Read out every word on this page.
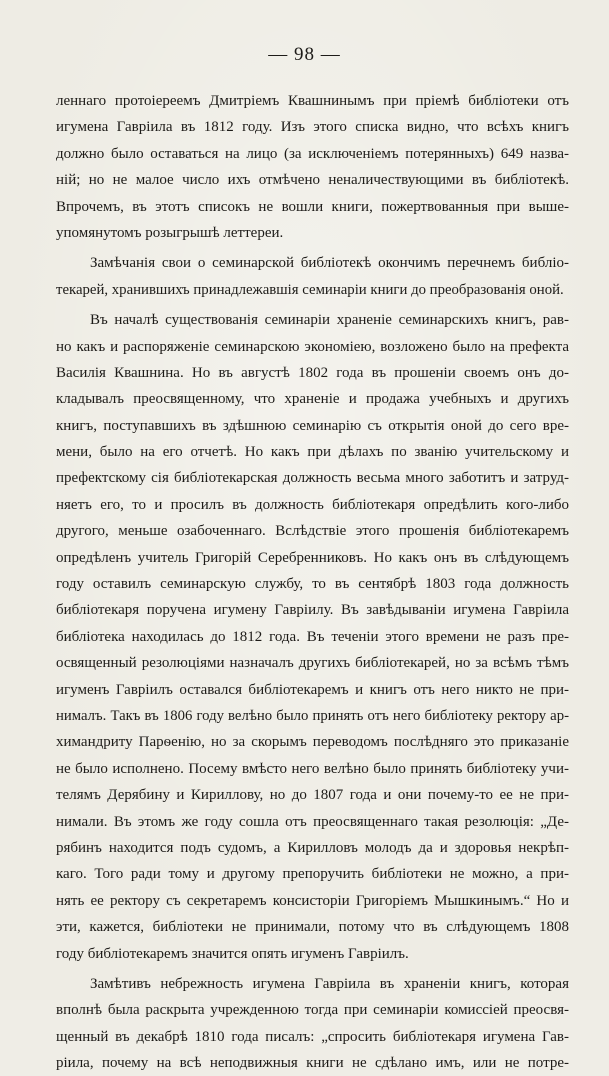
— 98 —
леннаго протоіереемъ Дмитріемъ Квашнинымъ при пріемѣ библіотеки отъ
игумена Гавріила въ 1812 году. Изъ этого списка видно, что всѣхъ книгъ
должно было оставаться на лицо (за исключеніемъ потерянныхъ) 649 назва-
ній; но не малое число ихъ отмѣчено неналичествующими въ библіотекѣ.
Впрочемъ, въ этотъ списокъ не вошли книги, пожертвованныя при выше-
упомянутомъ розыгрышѣ леттереи.
Замѣчанія свои о семинарской библіотекѣ окончимъ перечнемъ библіо-
текарей, хранившихъ принадлежавшія семинаріи книги до преобразованія оной.
Въ началѣ существованія семинаріи храненіе семинарскихъ книгъ, рав-
но какъ и распоряженіе семинарскою экономіею, возложено было на префекта
Василія Квашнина. Но въ августѣ 1802 года въ прошеніи своемъ онъ до-
кладывалъ преосвященному, что храненіе и продажа учебныхъ и другихъ
книгъ, поступавшихъ въ здѣшнюю семинарію съ открытія оной до сего вре-
мени, было на его отчетѣ. Но какъ при дѣлахъ по званію учительскому и
префектскому сія библіотекарская должность весьма много заботитъ и затруд-
няетъ его, то и просилъ въ должность библіотекаря опредѣлить кого-либо
другого, меньше озабоченнаго. Вслѣдствіе этого прошенія библіотекаремъ
опредѣленъ учитель Григорій Серебренниковъ. Но какъ онъ въ слѣдующемъ
году оставилъ семинарскую службу, то въ сентябрѣ 1803 года должность
библіотекаря поручена игумену Гавріилу. Въ завѣдываніи игумена Гавріила
библіотека находилась до 1812 года. Въ теченіи этого времени не разъ пре-
освященный резолюціями назначалъ другихъ библіотекарей, но за всѣмъ тѣмъ
игуменъ Гавріилъ оставался библіотекаремъ и книгъ отъ него никто не при-
нималъ. Такъ въ 1806 году велѣно было принять отъ него библіотеку ректору ар-
химандриту Парѳенію, но за скорымъ переводомъ послѣдняго это приказаніе
не было исполнено. Посему вмѣсто него велѣно было принять библіотеку учи-
телямъ Дерябину и Кириллову, но до 1807 года и они почему-то ее не при-
нимали. Въ этомъ же году сошла отъ преосвященнаго такая резолюція: „Де-
рябинъ находится подъ судомъ, а Кирилловъ молодъ да и здоровья некрѣп-
каго. Того ради тому и другому препоручить библіотеки не можно, а при-
нять ее ректору съ секретаремъ консисторіи Григоріемъ Мышкинымъ.“ Но и
эти, кажется, библіотеки не принимали, потому что въ слѣдующемъ 1808
году библіотекаремъ значится опять игуменъ Гавріилъ.
Замѣтивъ небрежность игумена Гавріила въ храненіи книгъ, которая
вполнѣ была раскрыта учрежденною тогда при семинаріи комиссіей преосвя-
щенный въ декабрѣ 1810 года писалъ: „спросить библіотекаря игумена Гав-
ріила, почему на всѣ неподвижныя книги не сдѣлано имъ, или не потре-
